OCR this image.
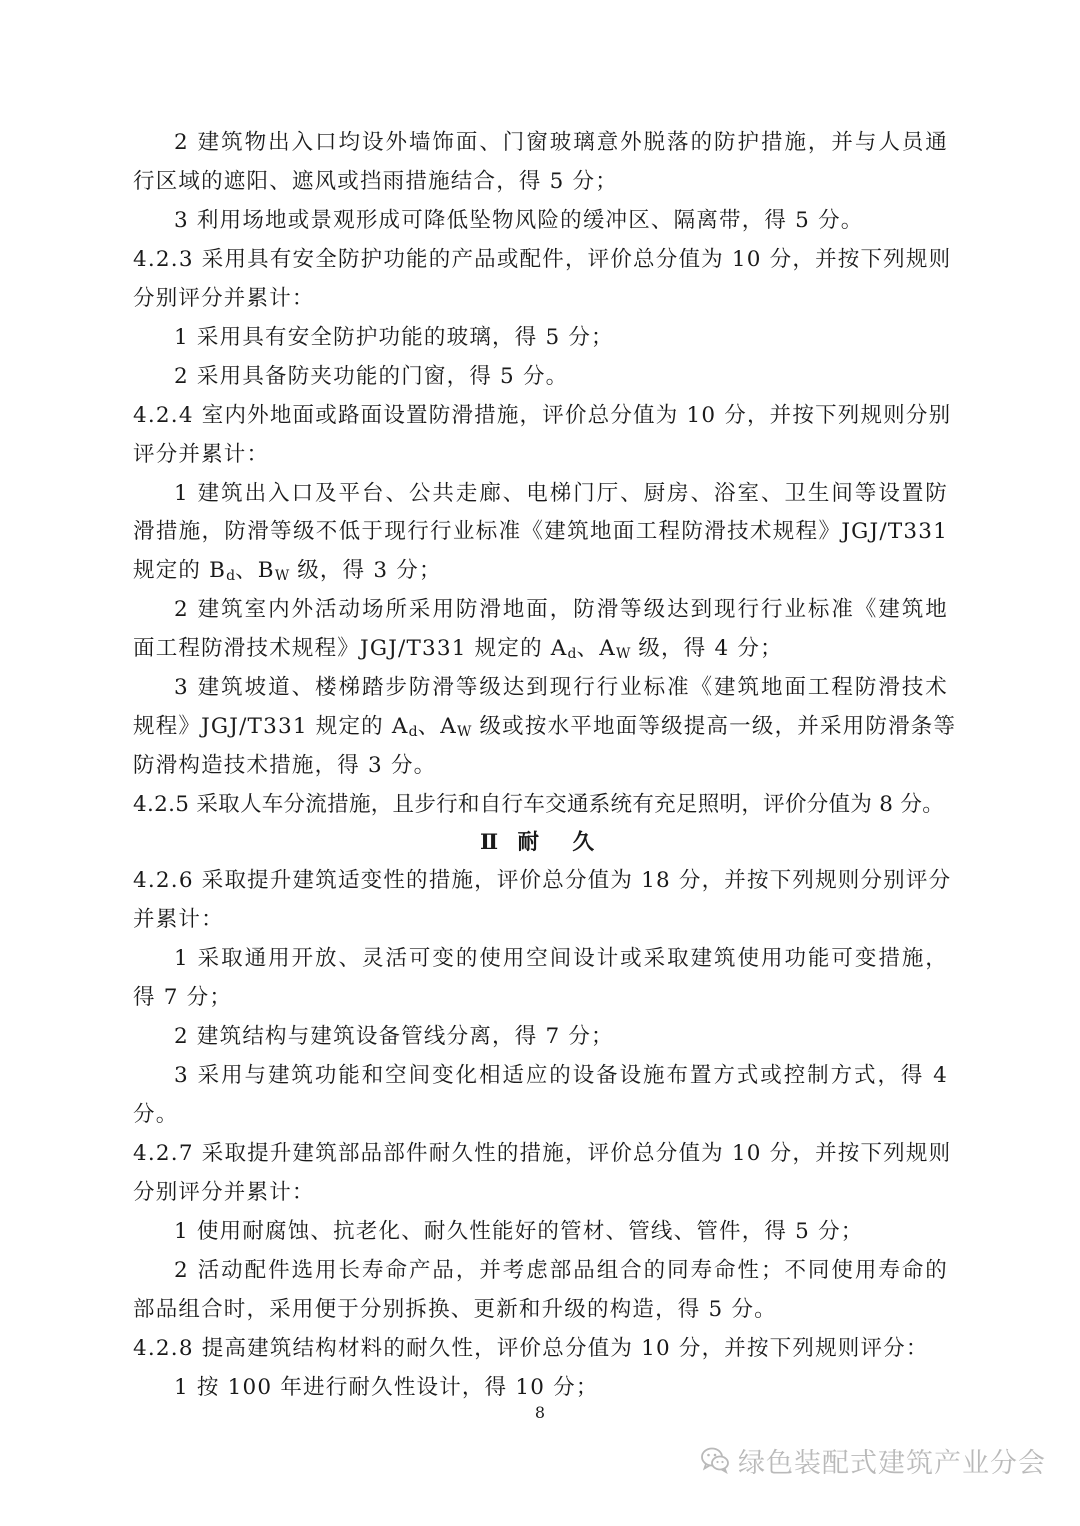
2 建筑物出入口均设外墙饰面、门窗玻璃意外脱落的防护措施，并与人员通
行区域的遮阳、遮风或挡雨措施结合，得 5 分；
3 利用场地或景观形成可降低坠物风险的缓冲区、隔离带，得 5 分。
4.2.3 采用具有安全防护功能的产品或配件，评价总分值为 10 分，并按下列规则
分别评分并累计：
1 采用具有安全防护功能的玻璃，得 5 分；
2 采用具备防夹功能的门窗，得 5 分。
4.2.4 室内外地面或路面设置防滑措施，评价总分值为 10 分，并按下列规则分别
评分并累计：
1 建筑出入口及平台、公共走廊、电梯门厅、厨房、浴室、卫生间等设置防
滑措施，防滑等级不低于现行行业标准《建筑地面工程防滑技术规程》JGJ/T331
规定的 $B_d$、$B_W$ 级，得 3 分；
2 建筑室内外活动场所采用防滑地面，防滑等级达到现行行业标准《建筑地
面工程防滑技术规程》JGJ/T331 规定的 $A_d$、$A_W$ 级，得 4 分；
3 建筑坡道、楼梯踏步防滑等级达到现行行业标准《建筑地面工程防滑技术
规程》JGJ/T331 规定的 $A_d$、$A_W$ 级或按水平地面等级提高一级，并采用防滑条等
防滑构造技术措施，得 3 分。
4.2.5 采取人车分流措施，且步行和自行车交通系统有充足照明，评价分值为 8 分。
Ⅱ 耐　久
4.2.6 采取提升建筑适变性的措施，评价总分值为 18 分，并按下列规则分别评分
并累计：
1 采取通用开放、灵活可变的使用空间设计或采取建筑使用功能可变措施，
得 7 分；
2 建筑结构与建筑设备管线分离，得 7 分；
3 采用与建筑功能和空间变化相适应的设备设施布置方式或控制方式，得 4
分。
4.2.7 采取提升建筑部品部件耐久性的措施，评价总分值为 10 分，并按下列规则
分别评分并累计：
1 使用耐腐蚀、抗老化、耐久性能好的管材、管线、管件，得 5 分；
2 活动配件选用长寿命产品，并考虑部品组合的同寿命性；不同使用寿命的
部品组合时，采用便于分别拆换、更新和升级的构造，得 5 分。
4.2.8 提高建筑结构材料的耐久性，评价总分值为 10 分，并按下列规则评分：
1 按 100 年进行耐久性设计，得 10 分；
8
绿色装配式建筑产业分会
